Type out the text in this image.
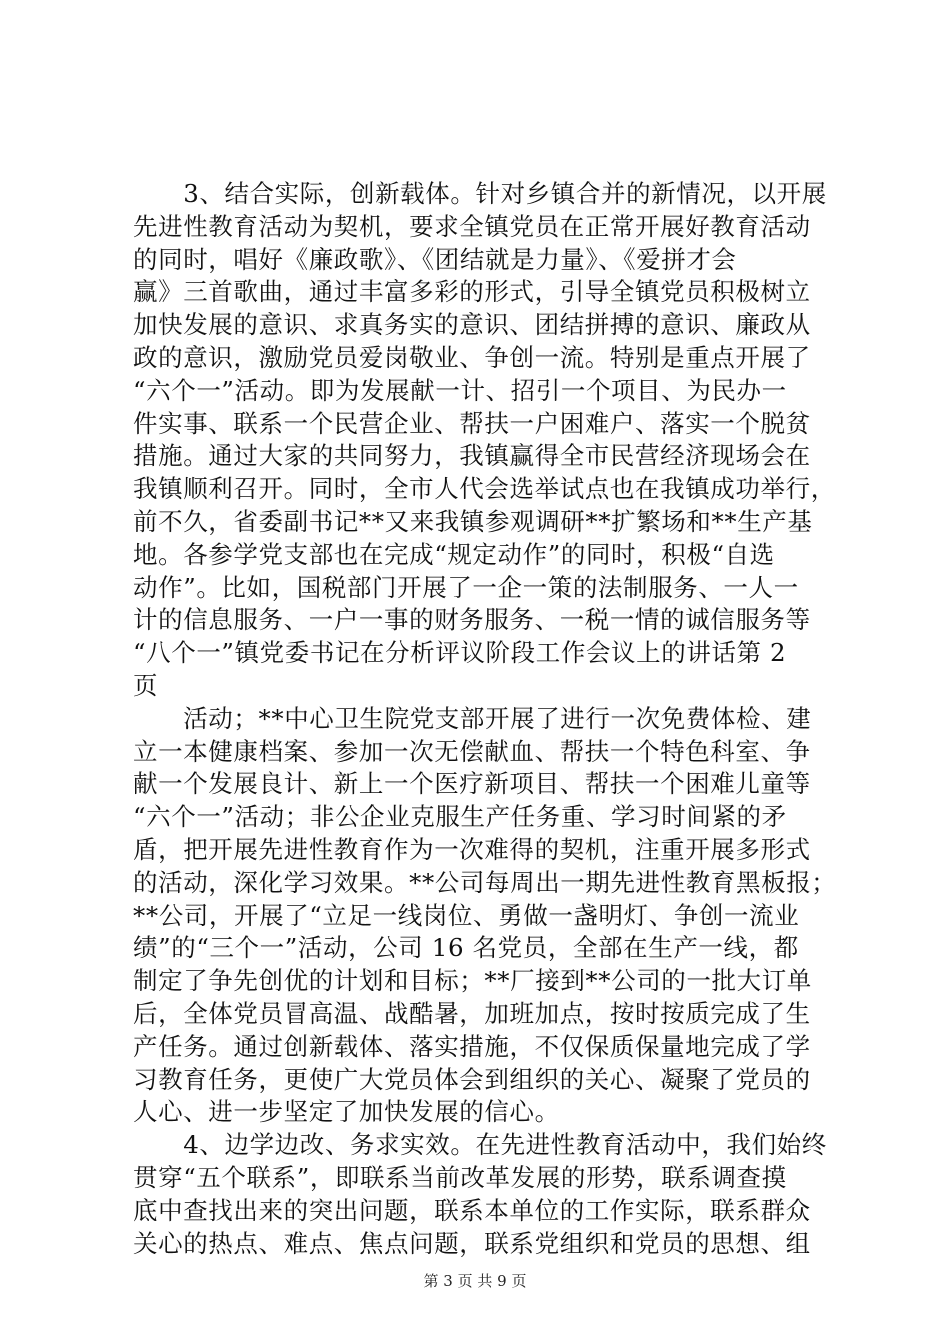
　　3、结合实际，创新载体。针对乡镇合并的新情况，以开展
先进性教育活动为契机，要求全镇党员在正常开展好教育活动
的同时，唱好《廉政歌》、《团结就是力量》、《爱拼才会
赢》三首歌曲，通过丰富多彩的形式，引导全镇党员积极树立
加快发展的意识、求真务实的意识、团结拼搏的意识、廉政从
政的意识，激励党员爱岗敬业、争创一流。特别是重点开展了
“六个一”活动。即为发展献一计、招引一个项目、为民办一
件实事、联系一个民营企业、帮扶一户困难户、落实一个脱贫
措施。通过大家的共同努力，我镇赢得全市民营经济现场会在
我镇顺利召开。同时，全市人代会选举试点也在我镇成功举行，
前不久，省委副书记**又来我镇参观调研**扩繁场和**生产基
地。各参学党支部也在完成“规定动作”的同时，积极“自选
动作”。比如，国税部门开展了一企一策的法制服务、一人一
计的信息服务、一户一事的财务服务、一税一情的诚信服务等
“八个一”镇党委书记在分析评议阶段工作会议上的讲话第 2
页
　　活动；**中心卫生院党支部开展了进行一次免费体检、建
立一本健康档案、参加一次无偿献血、帮扶一个特色科室、争
献一个发展良计、新上一个医疗新项目、帮扶一个困难儿童等
“六个一”活动；非公企业克服生产任务重、学习时间紧的矛
盾，把开展先进性教育作为一次难得的契机，注重开展多形式
的活动，深化学习效果。**公司每周出一期先进性教育黑板报；
**公司，开展了“立足一线岗位、勇做一盏明灯、争创一流业
绩”的“三个一”活动，公司 16 名党员，全部在生产一线，都
制定了争先创优的计划和目标；**厂接到**公司的一批大订单
后，全体党员冒高温、战酷暑，加班加点，按时按质完成了生
产任务。通过创新载体、落实措施，不仅保质保量地完成了学
习教育任务，更使广大党员体会到组织的关心、凝聚了党员的
人心、进一步坚定了加快发展的信心。
　　4、边学边改、务求实效。在先进性教育活动中，我们始终
贯穿“五个联系”，即联系当前改革发展的形势，联系调查摸
底中查找出来的突出问题，联系本单位的工作实际，联系群众
关心的热点、难点、焦点问题，联系党组织和党员的思想、组
第 3 页 共 9 页
